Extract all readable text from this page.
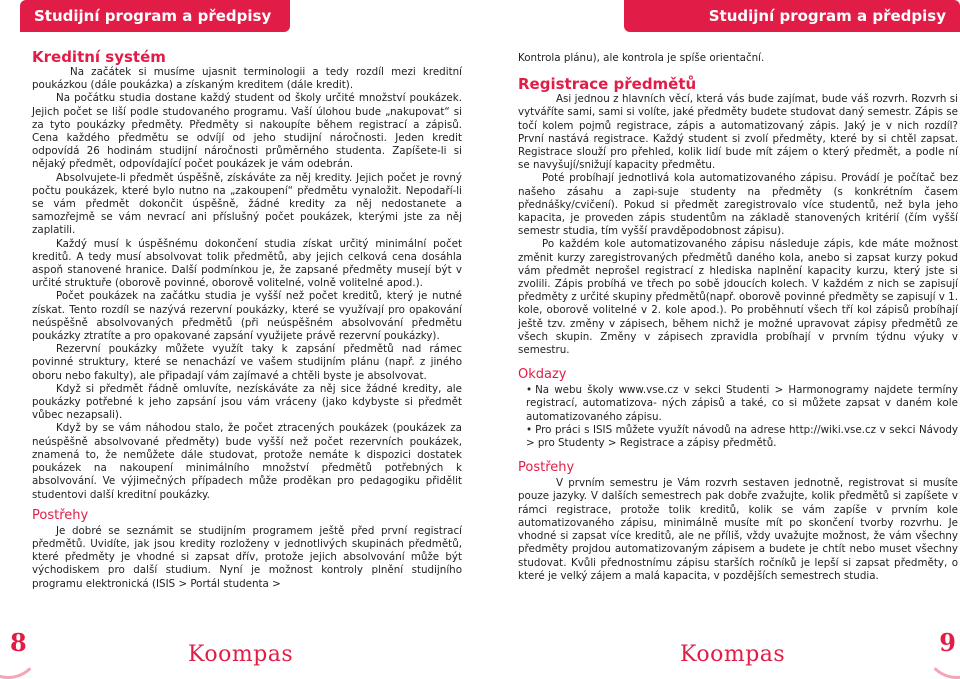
Studijní program a předpisy
Kreditní systém

Na začátek si musíme ujasnit terminologii a tedy rozdíl mezi kreditní poukázkou (dále poukázka) a získaným kreditem (dále kredit).

Na počátku studia dostane každý student od školy určité množství poukázek. Jejich počet se liší podle studovaného programu. Vaší úlohou bude „nakupovat“ si za tyto poukázky předměty. Předměty si nakoupíte během registrací a zápisů. Cena každého předmětu se odvíjí od jeho studijní náročnosti. Jeden kredit odpovídá 26 hodinám studijní náročnosti průměrného studenta. Zapíšete-li si nějaký předmět, odpovídající počet poukázek je vám odebrán.

Absolvujete-li předmět úspěšně, získáváte za něj kredity. Jejich počet je rovný počtu poukázek, které bylo nutno na „zakoupení“ předmětu vynaložit. Nepodaří-li se vám předmět dokončit úspěšně, žádné kredity za něj nedostanete a samozřejmě se vám nevrací ani příslušný počet poukázek, kterými jste za něj zaplatili.

Každý musí k úspěšnému dokončení studia získat určitý minimální počet kreditů. A tedy musí absolvovat tolik předmětů, aby jejich celková cena dosáhla aspoň stanovené hranice. Další podmínkou je, že zapsané předměty musejí být v určité struktuře (oborově povinné, oborově volitelné, volně volitelné apod.).

Počet poukázek na začátku studia je vyšší než počet kreditů, který je nutné získat. Tento rozdíl se nazývá rezervní poukázky, které se využívají pro opakování neúspěšně absolvovaných předmětů (při neúspěšném absolvování předmětu poukázky ztratíte a pro opakované zapsání využijete právě rezervní poukázky).

Rezervní poukázky můžete využít taky k zapsání předmětů nad rámec povinné struktury, které se nenachází ve vašem studijním plánu (např. z jiného oboru nebo fakulty), ale připadají vám zajímavé a chtěli byste je absolvovat.

Když si předmět řádně omluvíte, nezískáváte za něj sice žádné kredity, ale poukázky potřebné k jeho zapsání jsou vám vráceny (jako kdybyste si předmět vůbec nezapsali).

Když by se vám náhodou stalo, že počet ztracených poukázek (poukázek za neúspěšně absolvované předměty) bude vyšší než počet rezervních poukázek, znamená to, že nemůžete dále studovat, protože nemáte k dispozici dostatek poukázek na nakoupení minimálního množství předmětů potřebných k absolvování. Ve výjimečných případech může proděkan pro pedagogiku přidělit studentovi další kreditní poukázky.

Postřehy

Je dobré se seznámit se studijním programem ještě před první registrací předmětů. Uvidíte, jak jsou kredity rozloženy v jednotlivých skupinách předmětů, které předměty je vhodné si zapsat dřív, protože jejich absolvování může být východiskem pro další studium. Nyní je možnost kontroly plnění studijního programu elektronická (ISIS > Portál studenta >

8	Koompas
Studijní program a předpisy

Kontrola plánu), ale kontrola je spíše orientační.

Registrace předmětů

Asi jednou z hlavních věcí, která vás bude zajímat, bude váš rozvrh. Rozvrh si vytváříte sami, sami si volíte, jaké předměty budete studovat daný semestr. Zápis se točí kolem pojmů registrace, zápis a automatizovaný zápis. Jaký je v nich rozdíl? První nastává registrace. Každý student si zvolí předměty, které by si chtěl zapsat. Registrace slouží pro přehled, kolik lidí bude mít zájem o který předmět, a podle ní se navyšují/snižují kapacity předmětu.

Poté probíhají jednotlivá kola automatizovaného zápisu. Provádí je počítač bez našeho zásahu a zapi-suje studenty na předměty (s konkrétním časem přednášky/cvičení). Pokud si předmět zaregistrovalo více studentů, než byla jeho kapacita, je proveden zápis studentům na základě stanovených kritérií (čím vyšší semestr studia, tím vyšší pravděpodobnost zápisu).

Po každém kole automatizovaného zápisu následuje zápis, kde máte možnost změnit kurzy zaregistrovaných předmětů daného kola, anebo si zapsat kurzy pokud vám předmět neprošel registrací z hlediska naplnění kapacity kurzu, který jste si zvolili. Zápis probíhá ve třech po sobě jdoucích kolech. V každém z nich se zapisují předměty z určité skupiny předmětů(např. oborově povinné předměty se zapisují v 1. kole, oborově volitelné v 2. kole apod.). Po proběhnutí všech tří kol zápisů probíhají ještě tzv. změny v zápisech, během nichž je možné upravovat zápisy předmětů ze všech skupin. Změny v zápisech zpravidla probíhají v prvním týdnu výuky v semestru.

Okdazy
• Na webu školy www.vse.cz v sekci Studenti > Harmonogramy najdete termíny registrací, automatizova- ných zápisů a také, co si můžete zapsat v daném kole automatizovaného zápisu.
• Pro práci s ISIS můžete využít návodů na adrese http://wiki.vse.cz v sekci Návody > pro Studenty > Registrace a zápisy předmětů.
Postřehy

V prvním semestru je Vám rozvrh sestaven jednotně, registrovat si musíte pouze jazyky. V dalších semestrech pak dobře zvažujte, kolik předmětů si zapíšete v rámci registrace, protože tolik kreditů, kolik se vám zapíše v prvním kole automatizovaného zápisu, minimálně musíte mít po skončení tvorby rozvrhu. Je vhodné si zapsat více kreditů, ale ne příliš, vždy uvažujte možnost, že vám všechny předměty projdou automatizovaným zápisem a budete je chtít nebo muset všechny studovat. Kvůli přednostnímu zápisu starších ročníků je lepší si zapsat předměty, o které je velký zájem a malá kapacita, v pozdějších semestrech studia.

Koompas	9
